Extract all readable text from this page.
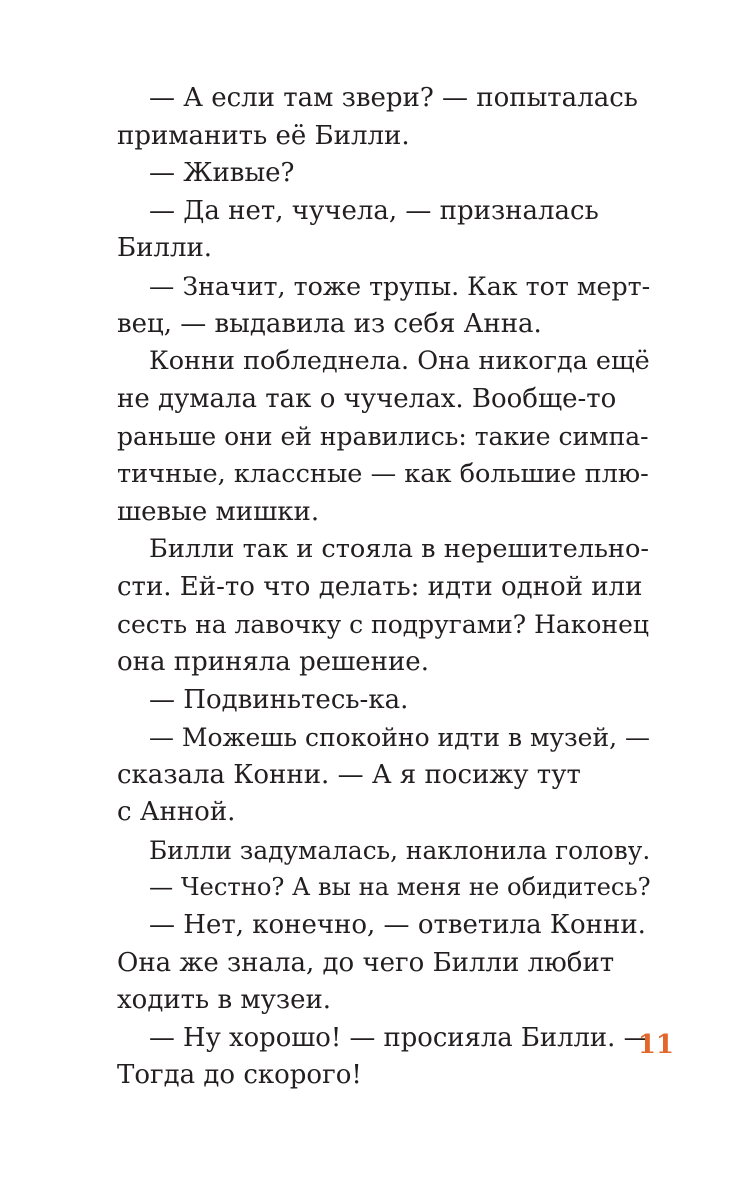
— А если там звери? — попыталась
приманить её Билли.
— Живые?
— Да нет, чучела, — призналась
Билли.
— Значит, тоже трупы. Как тот мерт-
вец, — выдавила из себя Анна.
Конни побледнела. Она никогда ещё
не думала так о чучелах. Вообще-то
раньше они ей нравились: такие симпа-
тичные, классные — как большие плю-
шевые мишки.
Билли так и стояла в нерешительно-
сти. Ей-то что делать: идти одной или
сесть на лавочку с подругами? Наконец
она приняла решение.
— Подвиньтесь-ка.
— Можешь спокойно идти в музей, —
сказала Конни. — А я посижу тут
с Анной.
Билли задумалась, наклонила голову.
— Честно? А вы на меня не обидитесь?
— Нет, конечно, — ответила Конни.
Она же знала, до чего Билли любит
ходить в музеи.
— Ну хорошо! — просияла Билли. —
Тогда до скорого!
11
